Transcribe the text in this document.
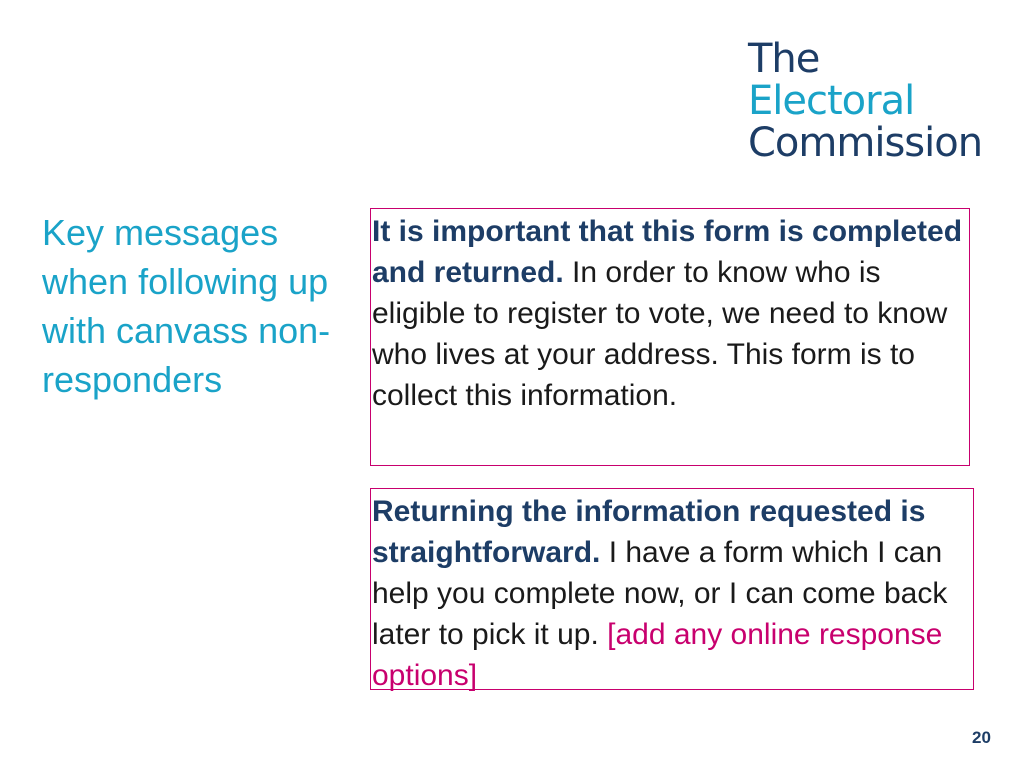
The
Electoral
Commission
Key messages when following up with canvass non-responders
It is important that this form is completed and returned. In order to know who is eligible to register to vote, we need to know who lives at your address. This form is to collect this information.
Returning the information requested is straightforward. I have a form which I can help you complete now, or I can come back later to pick it up. [add any online response options]
20
